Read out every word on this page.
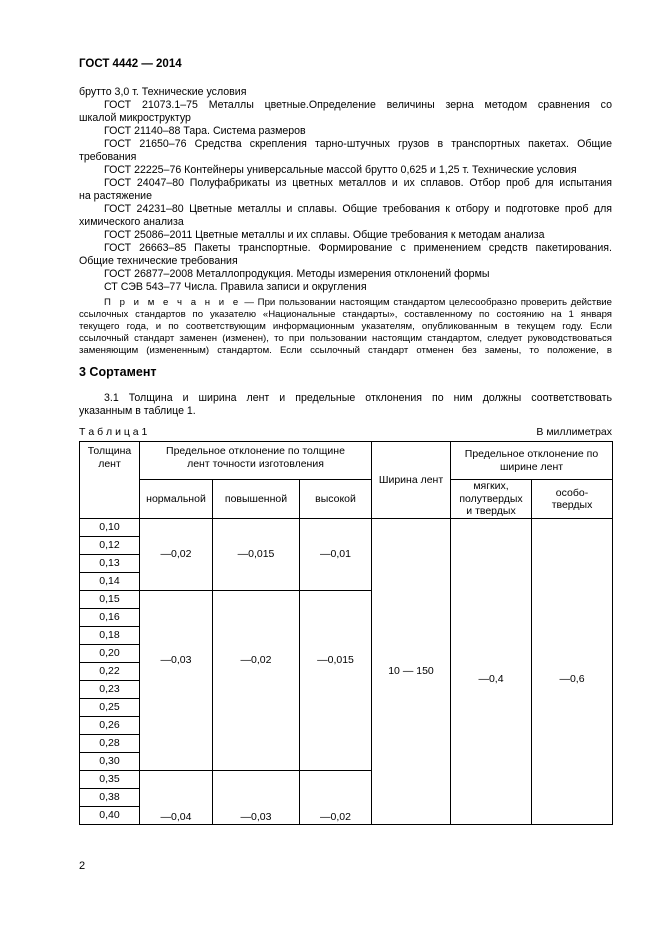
ГОСТ 4442 — 2014
брутто 3,0 т. Технические условия
ГОСТ 21073.1–75 Металлы цветные.Определение величины зерна методом сравнения со
шкалой микроструктур
ГОСТ 21140–88 Тара. Система размеров
ГОСТ 21650–76 Средства скрепления тарно-штучных грузов в транспортных пакетах. Общие
требования
ГОСТ 22225–76 Контейнеры универсальные массой брутто 0,625 и 1,25 т. Технические условия
ГОСТ 24047–80 Полуфабрикаты из цветных металлов и их сплавов. Отбор проб для испытания
на растяжение
ГОСТ 24231–80 Цветные металлы и сплавы. Общие требования к отбору и подготовке проб для
химического анализа
ГОСТ 25086–2011 Цветные металлы и их сплавы. Общие требования к методам анализа
ГОСТ 26663–85 Пакеты транспортные. Формирование с применением средств пакетирования.
Общие технические требования
ГОСТ 26877–2008 Металлопродукция. Методы измерения отклонений формы
СТ СЭВ 543–77 Числа. Правила записи и округления
П р и м е ч а н и е — При пользовании настоящим стандартом целесообразно проверить действие
ссылочных стандартов по указателю «Национальные стандарты», составленному по состоянию на 1 января
текущего года, и по соответствующим информационным указателям, опубликованным в текущем году. Если
ссылочный стандарт заменен (изменен), то при пользовании настоящим стандартом, следует руководствоваться
заменяющим (измененным) стандартом. Если ссылочный стандарт отменен без замены, то положение, в
3 Сортамент
3.1 Толщина и ширина лент и предельные отклонения по ним должны соответствовать
указанным в таблице 1.
Т а б л и ц а 1	В миллиметрах
Толщина лент	Предельное отклонение по толщине лент точности изготовления			Ширина лент	Предельное отклонение по ширине лент	
	нормальной	повышенной	высокой		мягких, полутвердых и твердых	особо-твердых
0,10	—0,02	—0,015	—0,01	10 — 150	—0,4	—0,6
0,12						
0,13						
0,14						
0,15	—0,03	—0,02	—0,015			
0,16						
0,18						
0,20						
0,22						
0,23						
0,25						
0,26						
0,28						
0,30						
0,35	—0,04	—0,03	—0,02			
0,38						
0,40						
2
